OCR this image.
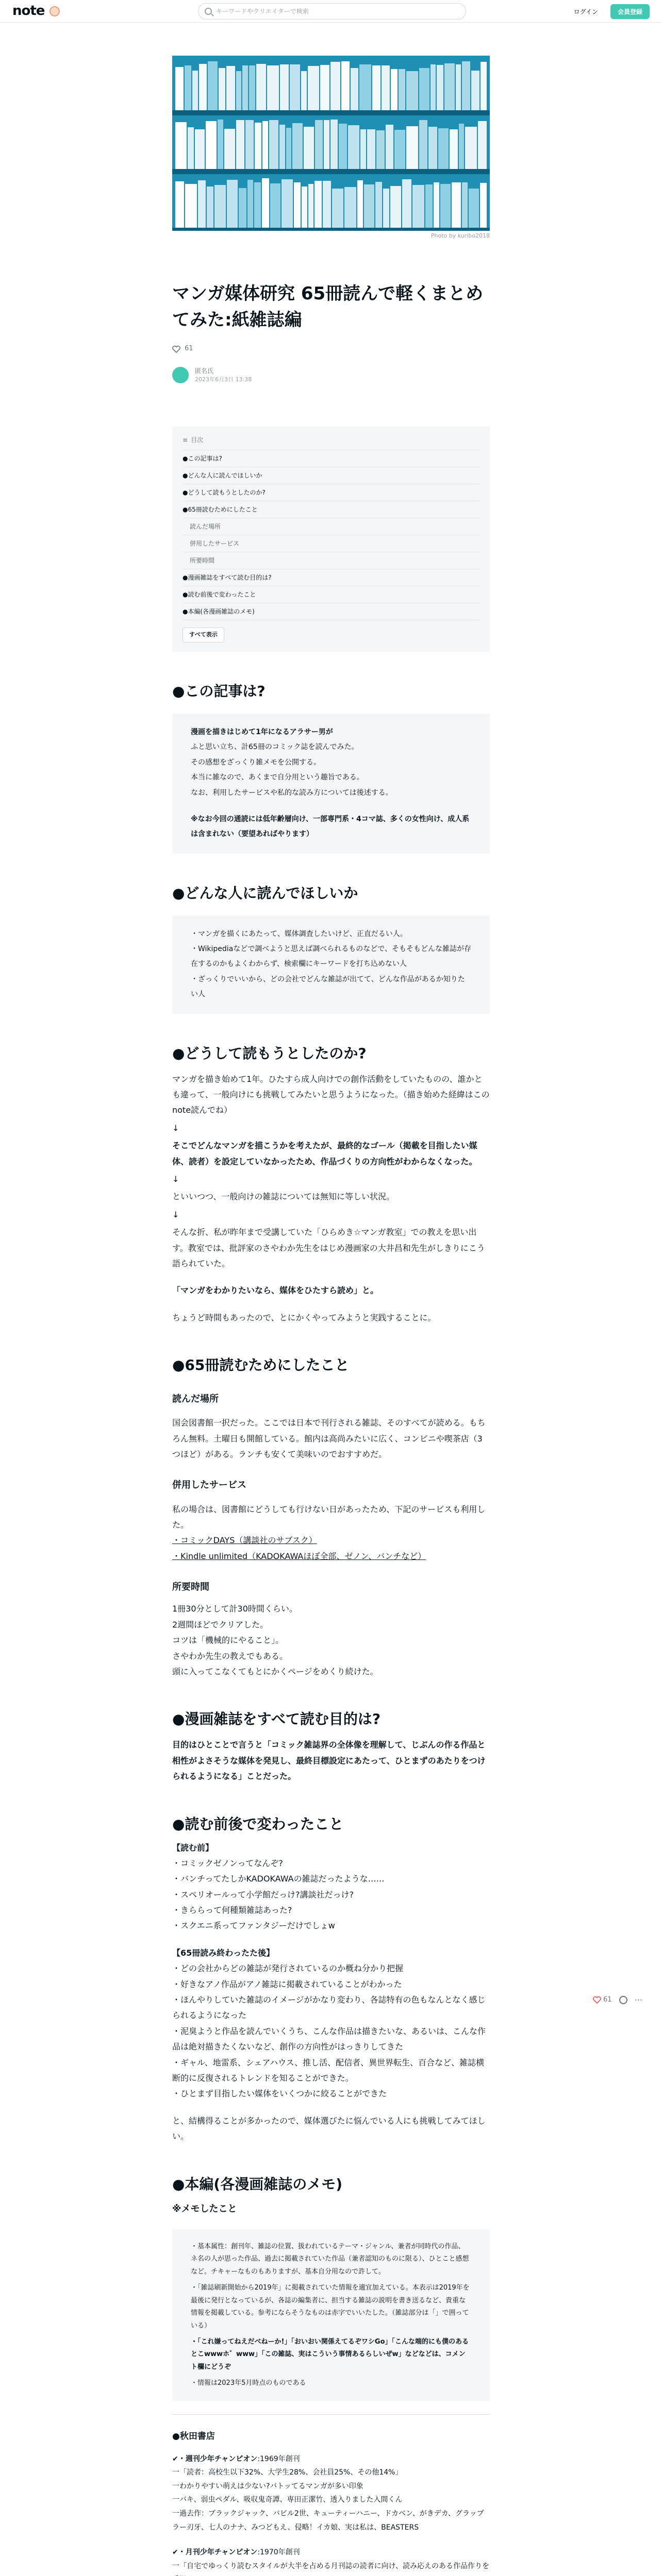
note	キーワードやクリエイターで検索	ログイン	会員登録
61	⋯
Photo by kuribo2018
マンガ媒体研究 65冊読んで軽くまとめてみた:紙雑誌編
61
匿名氏
2023年6月3日 13:38
≡ 目次
●この記事は?
●どんな人に読んでほしいか
●どうして読もうとしたのか?
●65冊読むためにしたこと
読んだ場所
併用したサービス
所要時間
●漫画雑誌をすべて読む目的は?
●読む前後で変わったこと
●本編(各漫画雑誌のメモ)
すべて表示
●この記事は?
漫画を描きはじめて1年になるアラサー男が
ふと思い立ち、計65冊のコミック誌を読んでみた。
その感想をざっくり雑メモを公開する。
本当に雑なので、あくまで自分用という趣旨である。
なお、利用したサービスや私的な読み方については後述する。
※なお今回の通読には低年齢層向け、一部専門系・4コマ誌、多くの女性向け、成人系は含まれない（要望あればやります）
●どんな人に読んでほしいか
・マンガを描くにあたって、媒体調査したいけど、正直だるい人。
・Wikipediaなどで調べようと思えば調べられるものなどで、そもそもどんな雑誌が存在するのかもよくわからず、検索欄にキーワードを打ち込めない人
・ざっくりでいいから、どの会社でどんな雑誌が出てて、どんな作品があるか知りたい人
●どうして読もうとしたのか?

マンガを描き始めて1年。ひたすら成人向けでの創作活動をしていたものの、誰かとも違って、一般向けにも挑戦してみたいと思うようになった。（描き始めた経緯はこのnote読んでね）

↓

そこでどんなマンガを描こうかを考えたが、最終的なゴール（掲載を目指したい媒体、読者）を設定していなかったため、作品づくりの方向性がわからなくなった。

↓

といいつつ、一般向けの雑誌については無知に等しい状況。

↓

そんな折、私が昨年まで受講していた「ひらめき☆マンガ教室」での教えを思い出す。教室では、批評家のさやわか先生をはじめ漫画家の大井昌和先生がしきりにこう語られていた。

「マンガをわかりたいなら、媒体をひたすら読め」と。

ちょうど時間もあったので、とにかくやってみようと実践することに。

●65冊読むためにしたこと
読んだ場所

国会図書館一択だった。ここでは日本で刊行される雑誌、そのすべてが読める。もちろん無料。土曜日も開館している。館内は高尚みたいに広く、コンビニや喫茶店（3つほど）がある。ランチも安くて美味いのでおすすめだ。

併用したサービス

私の場合は、図書館にどうしても行けない日があったため、下記のサービスも利用した。

・コミックDAYS（講談社のサブスク）
・Kindle unlimited（KADOKAWAほぼ全部、ゼノン、バンチなど）
所要時間
1冊30分として計30時間くらい。
2週間ほどでクリアした。
コツは「機械的にやること」。
さやわか先生の教えでもある。
頭に入ってこなくてもとにかくページをめくり続けた。
●漫画雑誌をすべて読む目的は?

目的はひとことで言うと「コミック雑誌界の全体像を理解して、じぶんの作る作品と相性がよさそうな媒体を発見し、最終目標設定にあたって、ひとまずのあたりをつけられるようになる」ことだった。

●読む前後で変わったこと
【読む前】
・コミックゼノンってなんぞ?
・バンチってたしかKADOKAWAの雑誌だったような……
・スペリオールって小学館だっけ?講談社だっけ?
・きららって何種類雑誌あった?
・スクエニ系ってファンタジーだけでしょw
【65冊読み終わったた後】
・どの会社からどの雑誌が発行されているのか概ね分かり把握
・好きなアノ作品がアノ雑誌に掲載されていることがわかった
・ほんやりしていた雑誌のイメージがかなり変わり、各誌特有の色もなんとなく感じられるようになった
・泥臭ようと作品を読んでいくうち、こんな作品は描きたいな、あるいは、こんな作品は絶対描きたくないなど、創作の方向性がはっきりしてきた
・ギャル、地雷系、シェアハウス、推し活、配信者、異世界転生、百合など、雑誌横断的に反復されるトレンドを知ることができた。
・ひとまず目指したい媒体をいくつかに絞ることができた

と、結構得ることが多かったので、媒体選びたに悩んでいる人にも挑戦してみてほしい。

●本編(各漫画雑誌のメモ)
※メモしたこと
・基本属性：創刊年、雑誌の位置、扱われているテーマ・ジャンル、兼者が同時代の作品、ネ名の人が思った作品、過去に掲載されていた作品（兼者認知のものに限る）、ひとこと感想など。チキャーなものもありますが、基本自分用なので許して。
・「雑誌刷新開始から2019年」に掲載されていた情報を適宜加えている。本表示は2019年を最後に発行となっているが、各誌の編集者に、担当する雑誌の説明を書き送るなど、貴重な情報を掲載している。参考にならそうなものは赤字でいいたした。（雑誌部分は「」で囲っている）
・「これ嫌ってねえだべねーか!」「おいおい関係えてるぞワシGo」「こんな端的にも僕のあるとこwwwホ゛www」「この雑誌、実はこういう事情あるらしいぜw」などなどは、コメント欄にどうぞ
・情報は2023年5月時点のものである
●秋田書店
✔・週刊少年チャンピオン:1969年創刊
一「読者：高校生以下32%、大学生28%、会社員25%、その他14%」
一わかりやすい萌えは少ない?バトッてるマンガが多い印象
一バキ、弱虫ペダル、吸収鬼奇譚、専田正潔竹、透入りました入間くん
一過去作：ブラックジャック、バビル2世、キューティーハニー、ドカベン、がきデカ、グラップラー刃牙、七人のナナ、みつどもえ、侵略！イカ娘、実は私は、BEASTERS
✔・月刊少年チャンピオン:1970年創刊
一「自宅でゆっくり読むスタイルが大半を占める月刊誌の読者に向け、読み応えのある作品作りを
